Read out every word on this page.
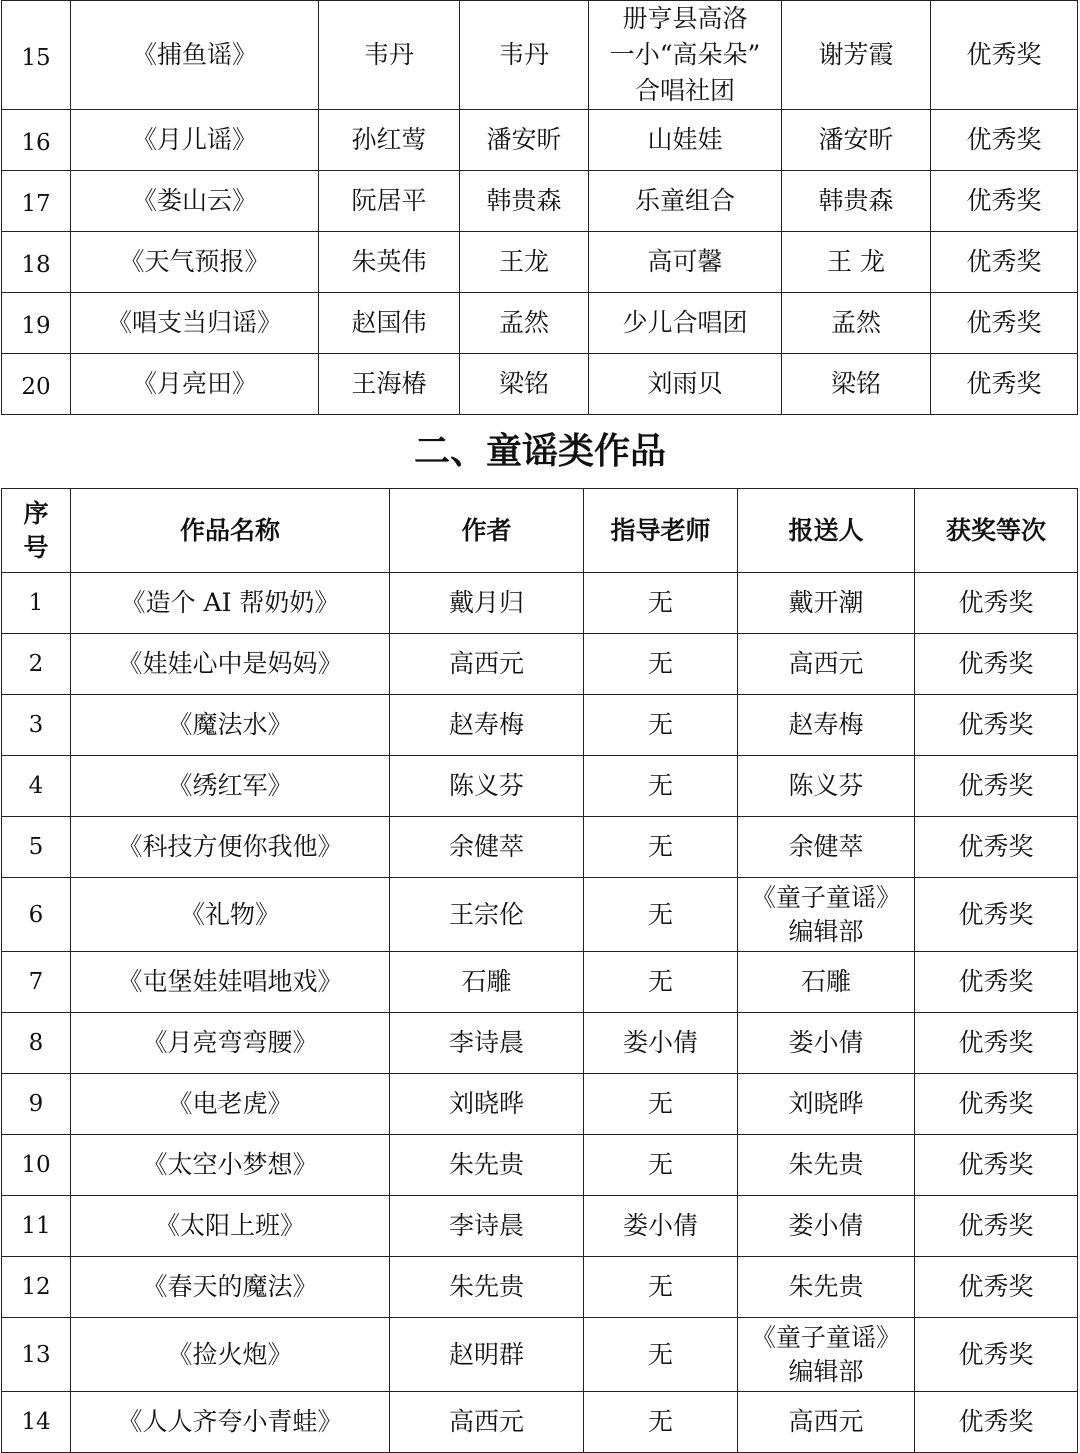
15	《捕鱼谣》	韦丹	韦丹	册亨县高洛
一小“高朵朵”
合唱社团	谢芳霞	优秀奖
16	《月儿谣》	孙红莺	潘安昕	山娃娃	潘安昕	优秀奖
17	《娄山云》	阮居平	韩贵森	乐童组合	韩贵森	优秀奖
18	《天气预报》	朱英伟	王龙	高可馨	王 龙	优秀奖
19	《唱支当归谣》	赵国伟	孟然	少儿合唱团	孟然	优秀奖
20	《月亮田》	王海椿	梁铭	刘雨贝	梁铭	优秀奖
二、童谣类作品
序
号	作品名称	作者	指导老师	报送人	获奖等次
1	《造个 AI 帮奶奶》	戴月归	无	戴开潮	优秀奖
2	《娃娃心中是妈妈》	高西元	无	高西元	优秀奖
3	《魔法水》	赵寿梅	无	赵寿梅	优秀奖
4	《绣红军》	陈义芬	无	陈义芬	优秀奖
5	《科技方便你我他》	余健萃	无	余健萃	优秀奖
6	《礼物》	王宗伦	无	《童子童谣》
编辑部	优秀奖
7	《屯堡娃娃唱地戏》	石雕	无	石雕	优秀奖
8	《月亮弯弯腰》	李诗晨	娄小倩	娄小倩	优秀奖
9	《电老虎》	刘晓晔	无	刘晓晔	优秀奖
10	《太空小梦想》	朱先贵	无	朱先贵	优秀奖
11	《太阳上班》	李诗晨	娄小倩	娄小倩	优秀奖
12	《春天的魔法》	朱先贵	无	朱先贵	优秀奖
13	《捡火炮》	赵明群	无	《童子童谣》
编辑部	优秀奖
14	《人人齐夸小青蛙》	高西元	无	高西元	优秀奖
